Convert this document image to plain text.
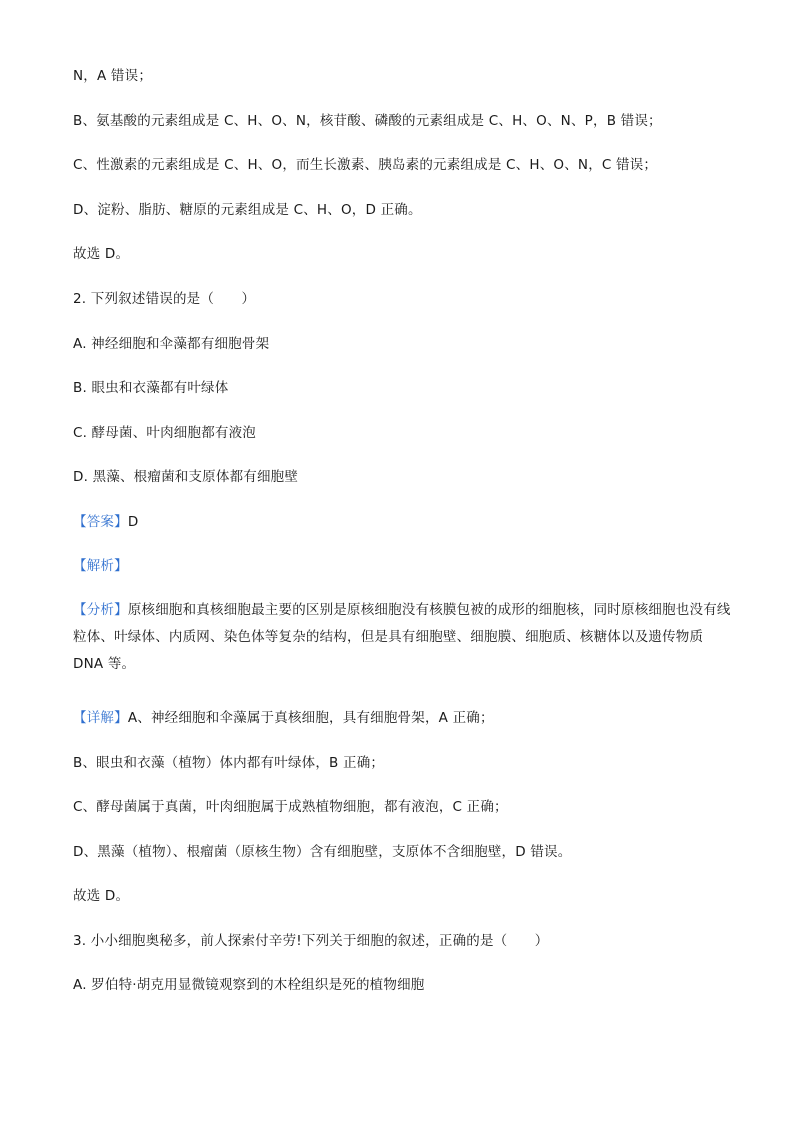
N，A 错误；
B、氨基酸的元素组成是 C、H、O、N，核苷酸、磷酸的元素组成是 C、H、O、N、P，B 错误；
C、性激素的元素组成是 C、H、O，而生长激素、胰岛素的元素组成是 C、H、O、N，C 错误；
D、淀粉、脂肪、糖原的元素组成是 C、H、O，D 正确。
故选 D。
2. 下列叙述错误的是（　　）
A. 神经细胞和伞藻都有细胞骨架
B. 眼虫和衣藻都有叶绿体
C. 酵母菌、叶肉细胞都有液泡
D. 黑藻、根瘤菌和支原体都有细胞壁
【答案】D
【解析】
【分析】原核细胞和真核细胞最主要的区别是原核细胞没有核膜包被的成形的细胞核，同时原核细胞也没有线粒体、叶绿体、内质网、染色体等复杂的结构，但是具有细胞壁、细胞膜、细胞质、核糖体以及遗传物质 DNA 等。
【详解】A、神经细胞和伞藻属于真核细胞，具有细胞骨架，A 正确；
B、眼虫和衣藻（植物）体内都有叶绿体，B 正确；
C、酵母菌属于真菌，叶肉细胞属于成熟植物细胞，都有液泡，C 正确；
D、黑藻（植物）、根瘤菌（原核生物）含有细胞壁，支原体不含细胞壁，D 错误。
故选 D。
3. 小小细胞奥秘多，前人探索付辛劳!下列关于细胞的叙述，正确的是（　　）
A. 罗伯特·胡克用显微镜观察到的木栓组织是死的植物细胞
